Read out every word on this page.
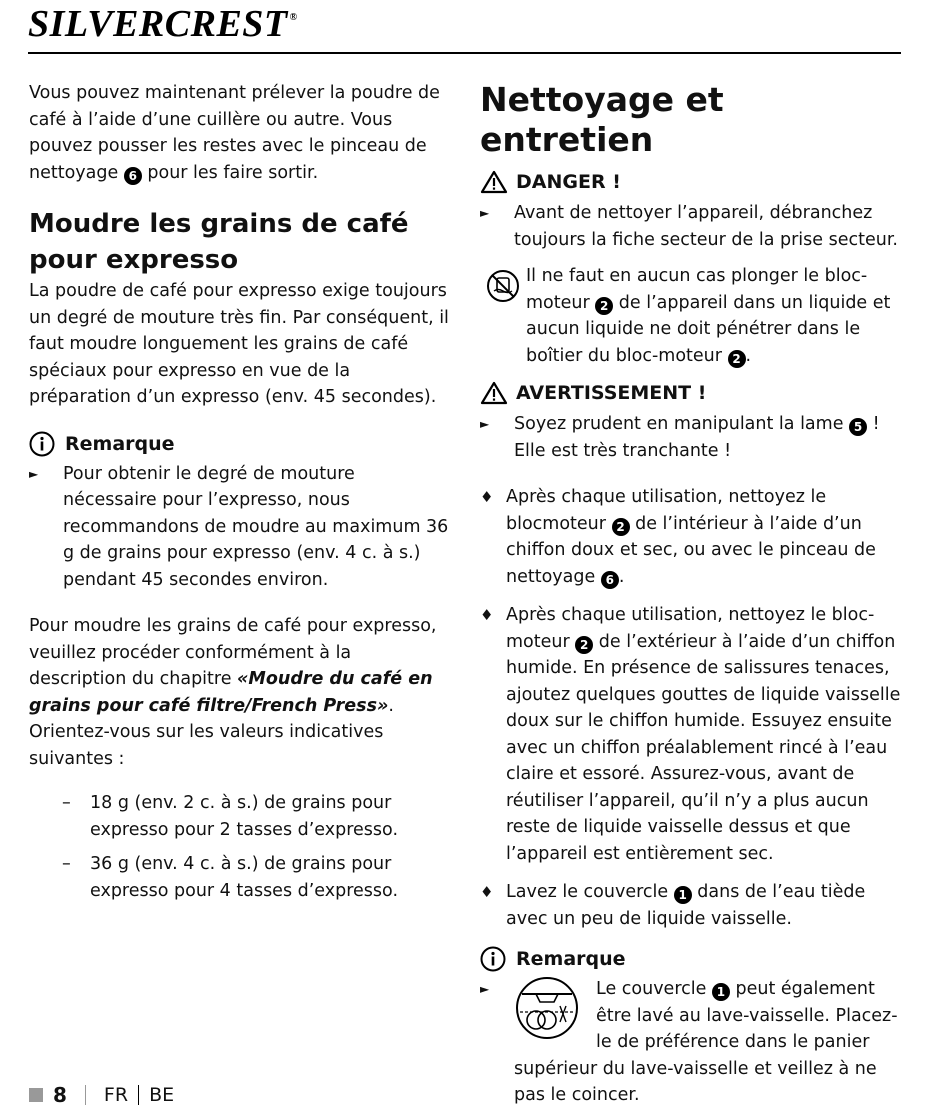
SILVERCREST ®

Vous pouvez maintenant prélever la poudre de café à l’aide d’une cuillère ou autre. Vous pouvez pousser les restes avec le pinceau de nettoyage 6 pour les faire sortir.

Moudre les grains de café pour expresso

La poudre de café pour expresso exige toujours un degré de mouture très fin. Par conséquent, il faut moudre longuement les grains de café spéciaux pour expresso en vue de la préparation d’un expresso (env. 45 secondes).

Remarque
►	Pour obtenir le degré de mouture nécessaire pour l’expresso, nous recommandons de moudre au maximum 36 g de grains pour expresso (env. 4 c. à s.) pendant 45 secondes environ.

Pour moudre les grains de café pour expresso, veuillez procéder conformément à la description du chapitre «Moudre du café en grains pour café filtre/French Press». Orientez-vous sur les valeurs indicatives suivantes :

–	18 g (env. 2 c. à s.) de grains pour expresso pour 2 tasses d’expresso.

–	36 g (env. 4 c. à s.) de grains pour expresso pour 4 tasses d’expresso.

Nettoyage et entretien
DANGER !
►	Avant de nettoyer l’appareil, débranchez toujours la fiche secteur de la prise secteur.

Il ne faut en aucun cas plonger le bloc-moteur 2 de l’appareil dans un liquide et aucun liquide ne doit pénétrer dans le boîtier du bloc-moteur 2 .

AVERTISSEMENT !
►	Soyez prudent en manipulant la lame 5 ! Elle est très tranchante !

♦ Après chaque utilisation, nettoyez le blocmoteur 2 de l’intérieur à l’aide d’un chiffon doux et sec, ou avec le pinceau de nettoyage 6 .

♦ Après chaque utilisation, nettoyez le bloc-moteur 2 de l’extérieur à l’aide d’un chiffon humide. En présence de salissures tenaces, ajoutez quelques gouttes de liquide vaisselle doux sur le chiffon humide. Essuyez ensuite avec un chiffon préalablement rincé à l’eau claire et essoré. Assurez-vous, avant de réutiliser l’appareil, qu’il n’y a plus aucun reste de liquide vaisselle dessus et que l’appareil est entièrement sec.

♦ Lavez le couvercle 1 dans de l’eau tiède avec un peu de liquide vaisselle.

Remarque
►	Le couvercle 1 peut également être lavé au lave-vaisselle. Placez-le de préférence dans le panier supérieur du lave-vaisselle et veillez à ne pas le coincer.

8 FR BE
